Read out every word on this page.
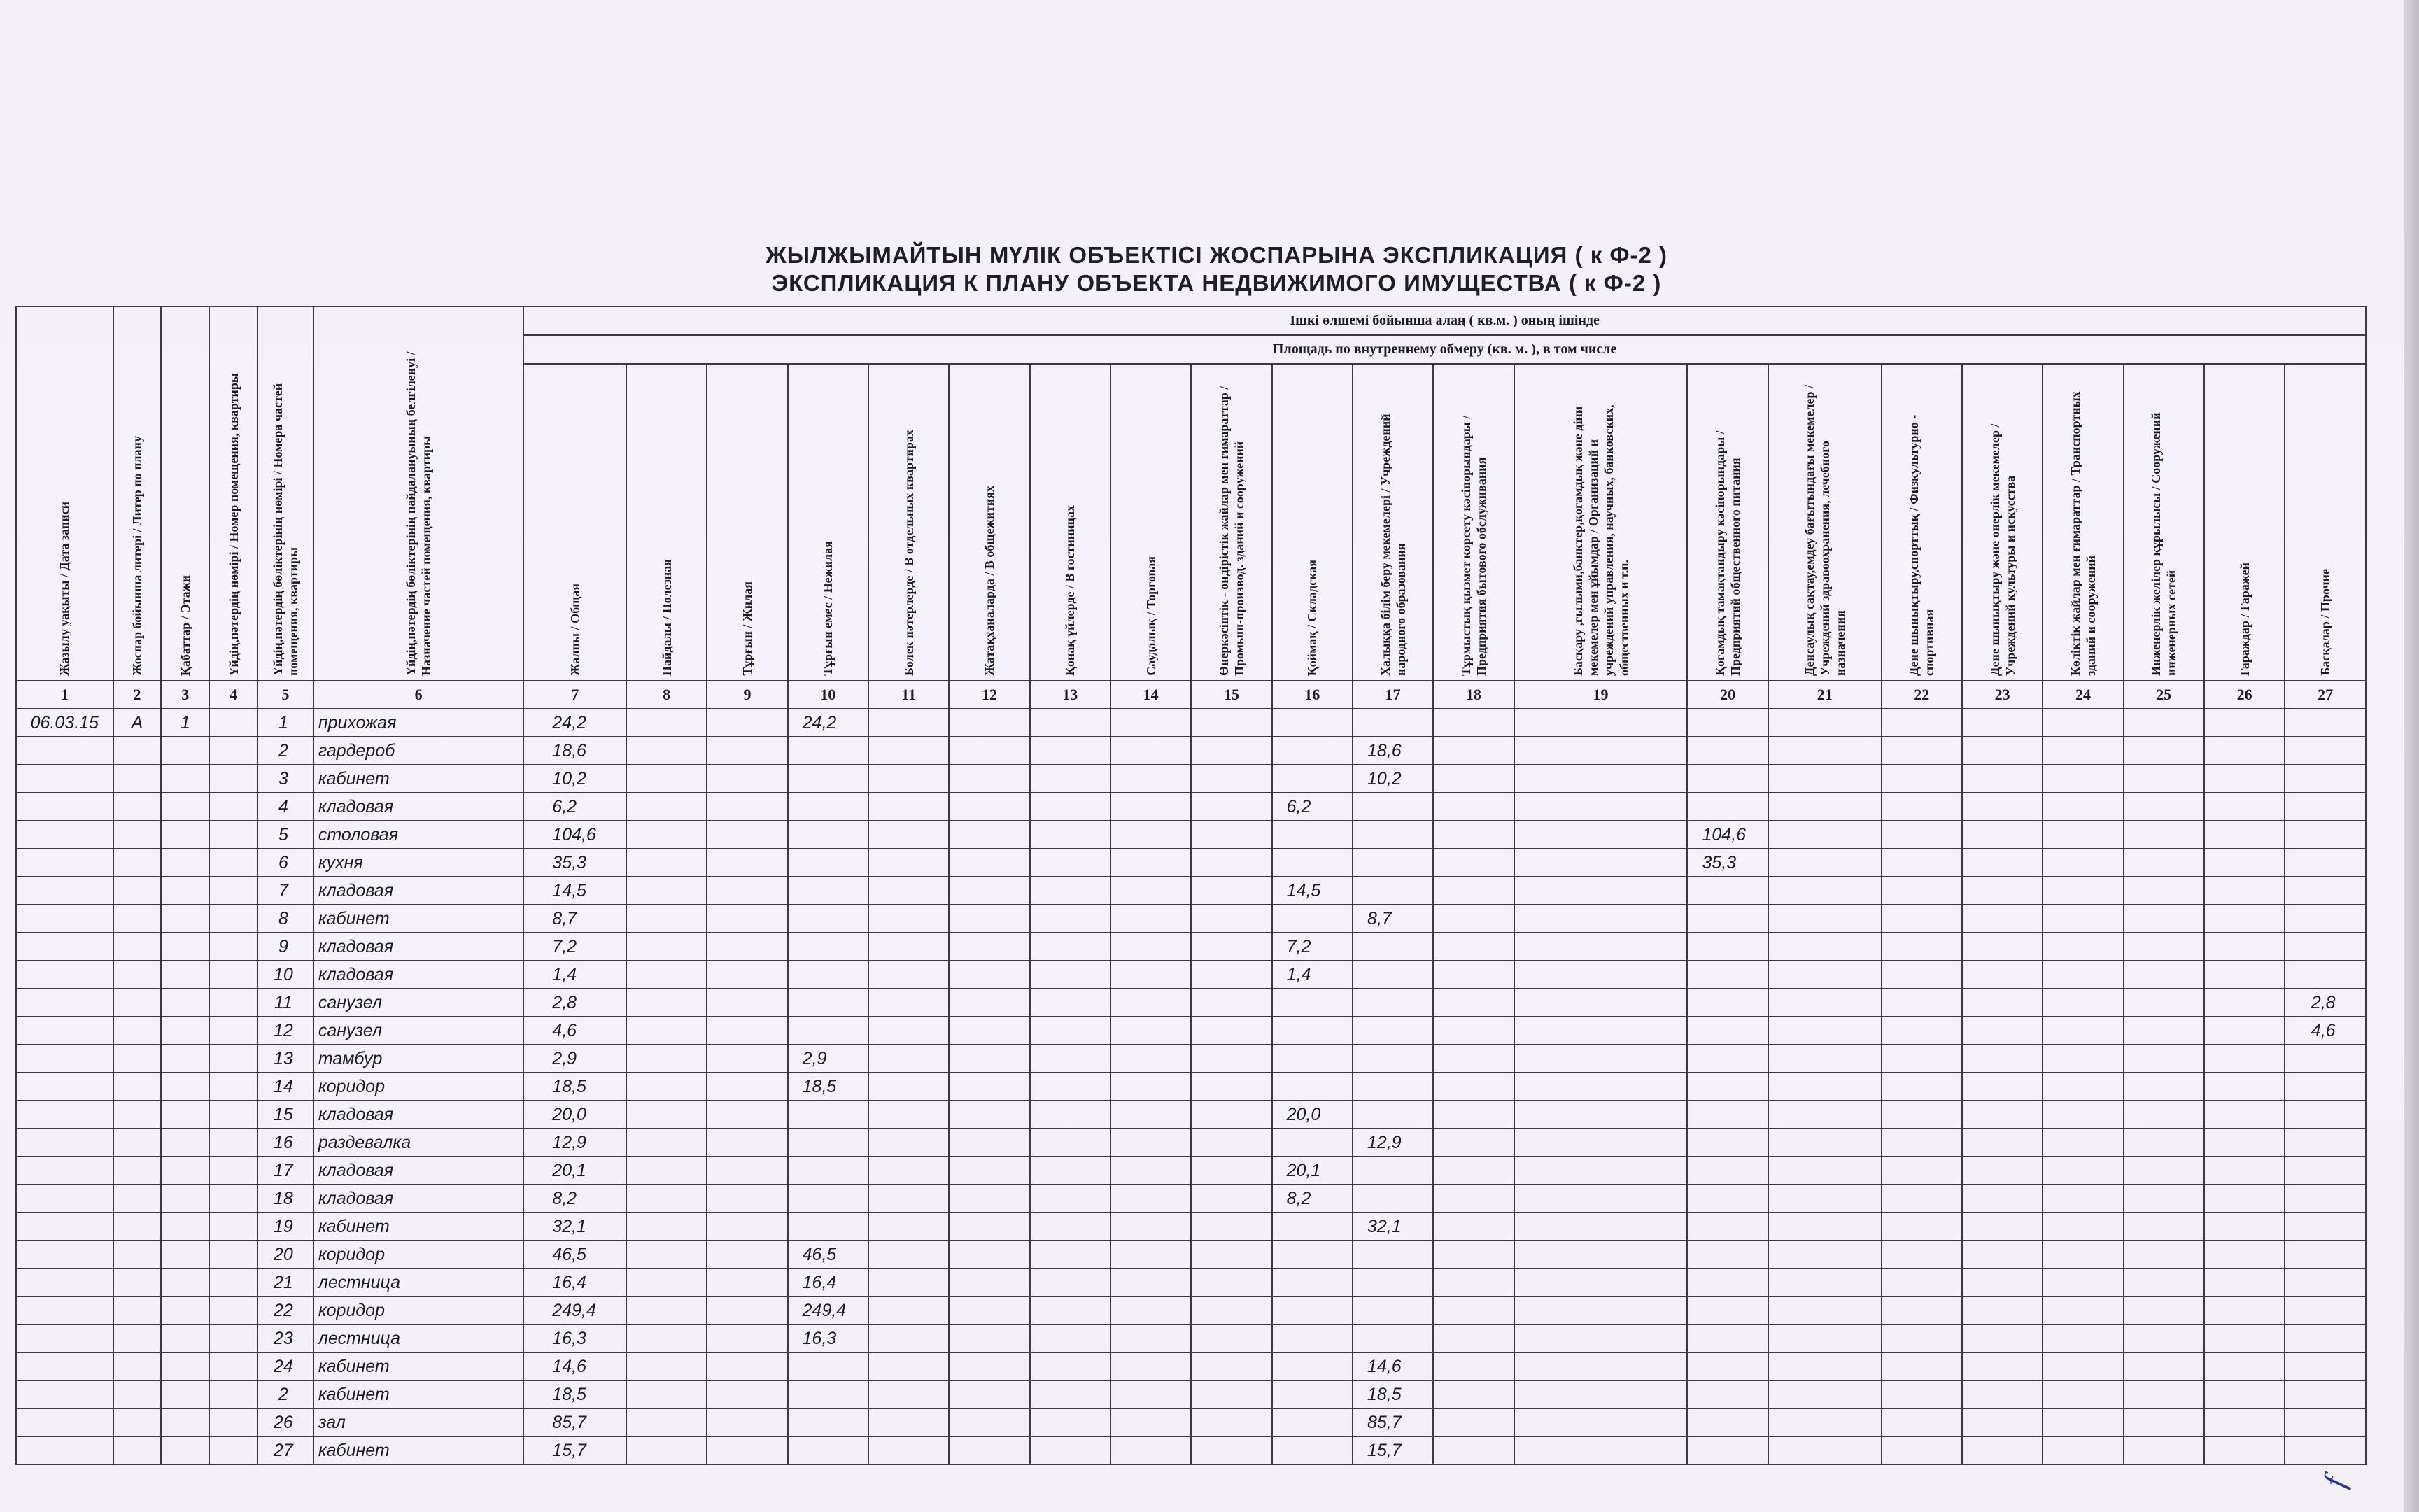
ЖЫЛЖЫМАЙТЫН МҮЛІК ОБЪЕКТІСІ ЖОСПАРЫНА ЭКСПЛИКАЦИЯ ( к Ф-2 )
ЭКСПЛИКАЦИЯ К ПЛАНУ ОБЪЕКТА НЕДВИЖИМОГО ИМУЩЕСТВА ( к Ф-2 )
Жазылу уақыты / Дата записи	Жоспар бойынша литері / Литер по плану	Қабаттар / Этажи	Үйдің,пәтердің нөмірі / Номер помещения, квартиры	Үйдің,пәтердің бөліктерінің нөмірі / Номера частей помещения, квартиры	Үйдің,пәтердің бөліктерінің пайдалануының белгіленуі / Назначение частей помещения, квартиры	Ішкі өлшемі бойынша алаң ( кв.м. ) оның ішінде																				
						Площадь по внутреннему обмеру (кв. м. ), в том числе																				

						Жалпы / Общая	Пайдалы / Полезная	Тұрғын / Жилая	Тұрғын емес / Нежилая	Бөлек пәтерлерде / В отдельных квартирах	Жатақханаларда / В общежитиях	Қонақ үйлерде / В гостиницах	Саудалық / Торговая	Өнеркәсіптік - өндірістік жайлар мен ғимараттар / Промыш-производ. зданий и сооружений	Қоймақ / Складская	Халыққа білім беру мекемелері / Учреждений народного образования	Тұрмыстық қызмет көрсету кәсіпорындары / Предприятия бытового обслуживания	Басқару ,ғылыми,банктер,қоғамдық және діни мекемелер мен ұйымдар / Организаций и учреждений управления, научных, банковских, общественных и т.п.	Қоғамдық тамақтандыру кәсіпорындары / Предприятий общественного питания	Денсаулық сақтау,емдеу бағытындағы мекемелер / Учреждений здравоохранения, лечебного назначения	Дене шынықтыру,спорттық / Физкультурно - спортивная	Дене шынықтыру және өнерлік мекемелер / Учреждений культуры и искусства	Көліктік жайлар мен ғимараттар / Транспортных зданий и сооружений	Инженерлік желілер құрылысы / Сооружений инженерных сетей	Гараждар / Гаражей	Басқалар / Прочие

1	2	3	4	5	6	7	8	9	10	11	12	13	14	15	16	17	18	19	20	21	22	23	24	25	26	27
06.03.15	А	1		1	прихожая	24,2			24,2																	
				2	гардероб	18,6										18,6										
				3	кабинет	10,2										10,2										
				4	кладовая	6,2									6,2											
				5	столовая	104,6													104,6							
				6	кухня	35,3													35,3							
				7	кладовая	14,5									14,5											
				8	кабинет	8,7										8,7										
				9	кладовая	7,2									7,2											
				10	кладовая	1,4									1,4											
				11	санузел	2,8																				2,8
				12	санузел	4,6																				4,6
				13	тамбур	2,9			2,9																	
				14	коридор	18,5			18,5																	
				15	кладовая	20,0									20,0											
				16	раздевалка	12,9										12,9										
				17	кладовая	20,1									20,1											
				18	кладовая	8,2									8,2											
				19	кабинет	32,1										32,1										
				20	коридор	46,5			46,5																	
				21	лестница	16,4			16,4																	
				22	коридор	249,4			249,4																	
				23	лестница	16,3			16,3																	
				24	кабинет	14,6										14,6										
				2	кабинет	18,5										18,5										
				26	зал	85,7										85,7										
				27	кабинет	15,7										15,7										
f
